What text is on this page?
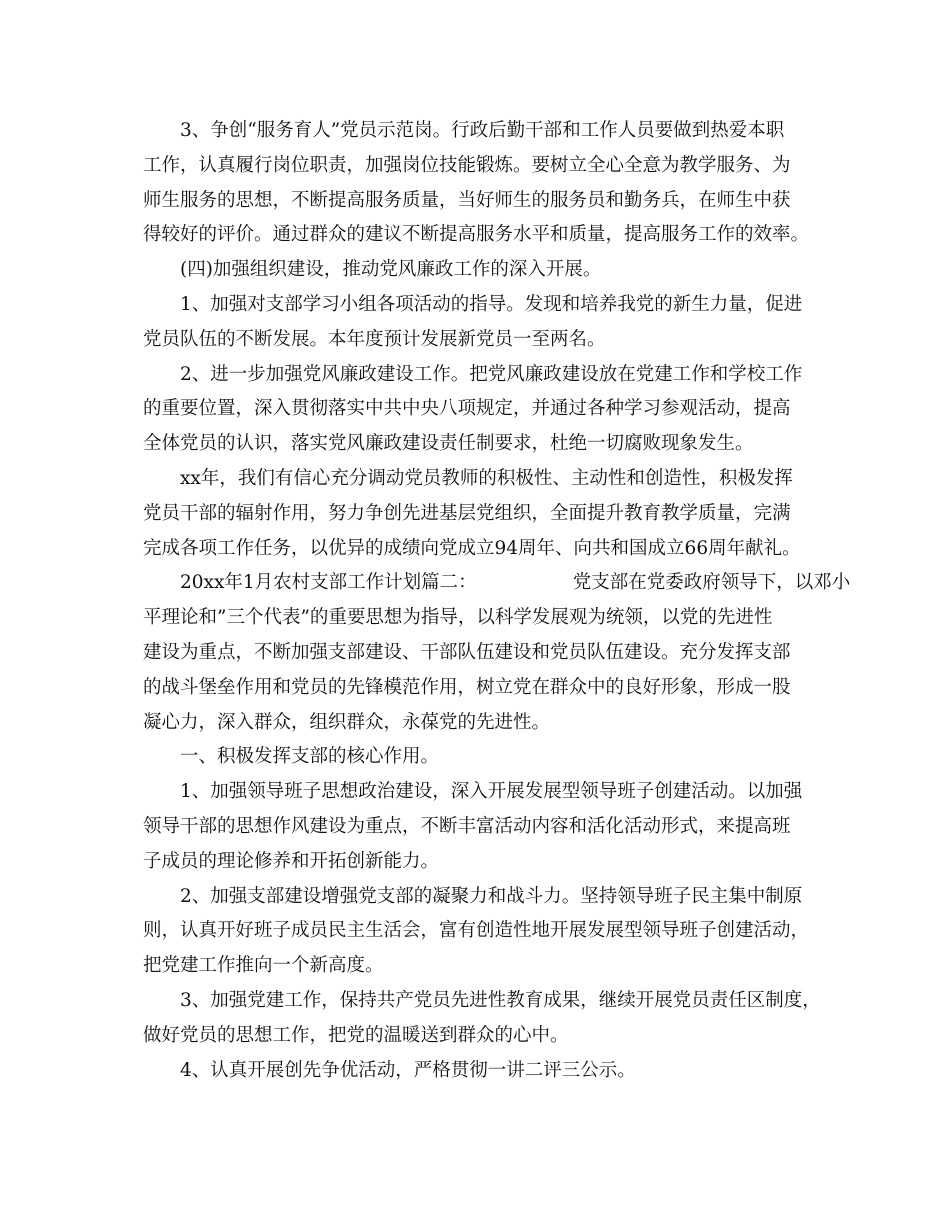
3、争创“服务育人”党员示范岗。行政后勤干部和工作人员要做到热爱本职
工作，认真履行岗位职责，加强岗位技能锻炼。要树立全心全意为教学服务、为
师生服务的思想，不断提高服务质量，当好师生的服务员和勤务兵，在师生中获
得较好的评价。通过群众的建议不断提高服务水平和质量，提高服务工作的效率。
(四)加强组织建设，推动党风廉政工作的深入开展。
1、加强对支部学习小组各项活动的指导。发现和培养我党的新生力量，促进
党员队伍的不断发展。本年度预计发展新党员一至两名。
2、进一步加强党风廉政建设工作。把党风廉政建设放在党建工作和学校工作
的重要位置，深入贯彻落实中共中央八项规定，并通过各种学习参观活动，提高
全体党员的认识，落实党风廉政建设责任制要求，杜绝一切腐败现象发生。
xx年，我们有信心充分调动党员教师的积极性、主动性和创造性，积极发挥
党员干部的辐射作用，努力争创先进基层党组织，全面提升教育教学质量，完满
完成各项工作任务，以优异的成绩向党成立94周年、向共和国成立66周年献礼。
20xx年1月农村支部工作计划篇二：	党支部在党委政府领导下，以邓小
平理论和”三个代表”的重要思想为指导，以科学发展观为统领，以党的先进性
建设为重点，不断加强支部建设、干部队伍建设和党员队伍建设。充分发挥支部
的战斗堡垒作用和党员的先锋模范作用，树立党在群众中的良好形象，形成一股
凝心力，深入群众，组织群众，永葆党的先进性。
一、积极发挥支部的核心作用。
1、加强领导班子思想政治建设，深入开展发展型领导班子创建活动。以加强
领导干部的思想作风建设为重点，不断丰富活动内容和活化活动形式，来提高班
子成员的理论修养和开拓创新能力。
2、加强支部建设增强党支部的凝聚力和战斗力。坚持领导班子民主集中制原
则，认真开好班子成员民主生活会，富有创造性地开展发展型领导班子创建活动，
把党建工作推向一个新高度。
3、加强党建工作，保持共产党员先进性教育成果，继续开展党员责任区制度，
做好党员的思想工作，把党的温暖送到群众的心中。
4、认真开展创先争优活动，严格贯彻一讲二评三公示。
